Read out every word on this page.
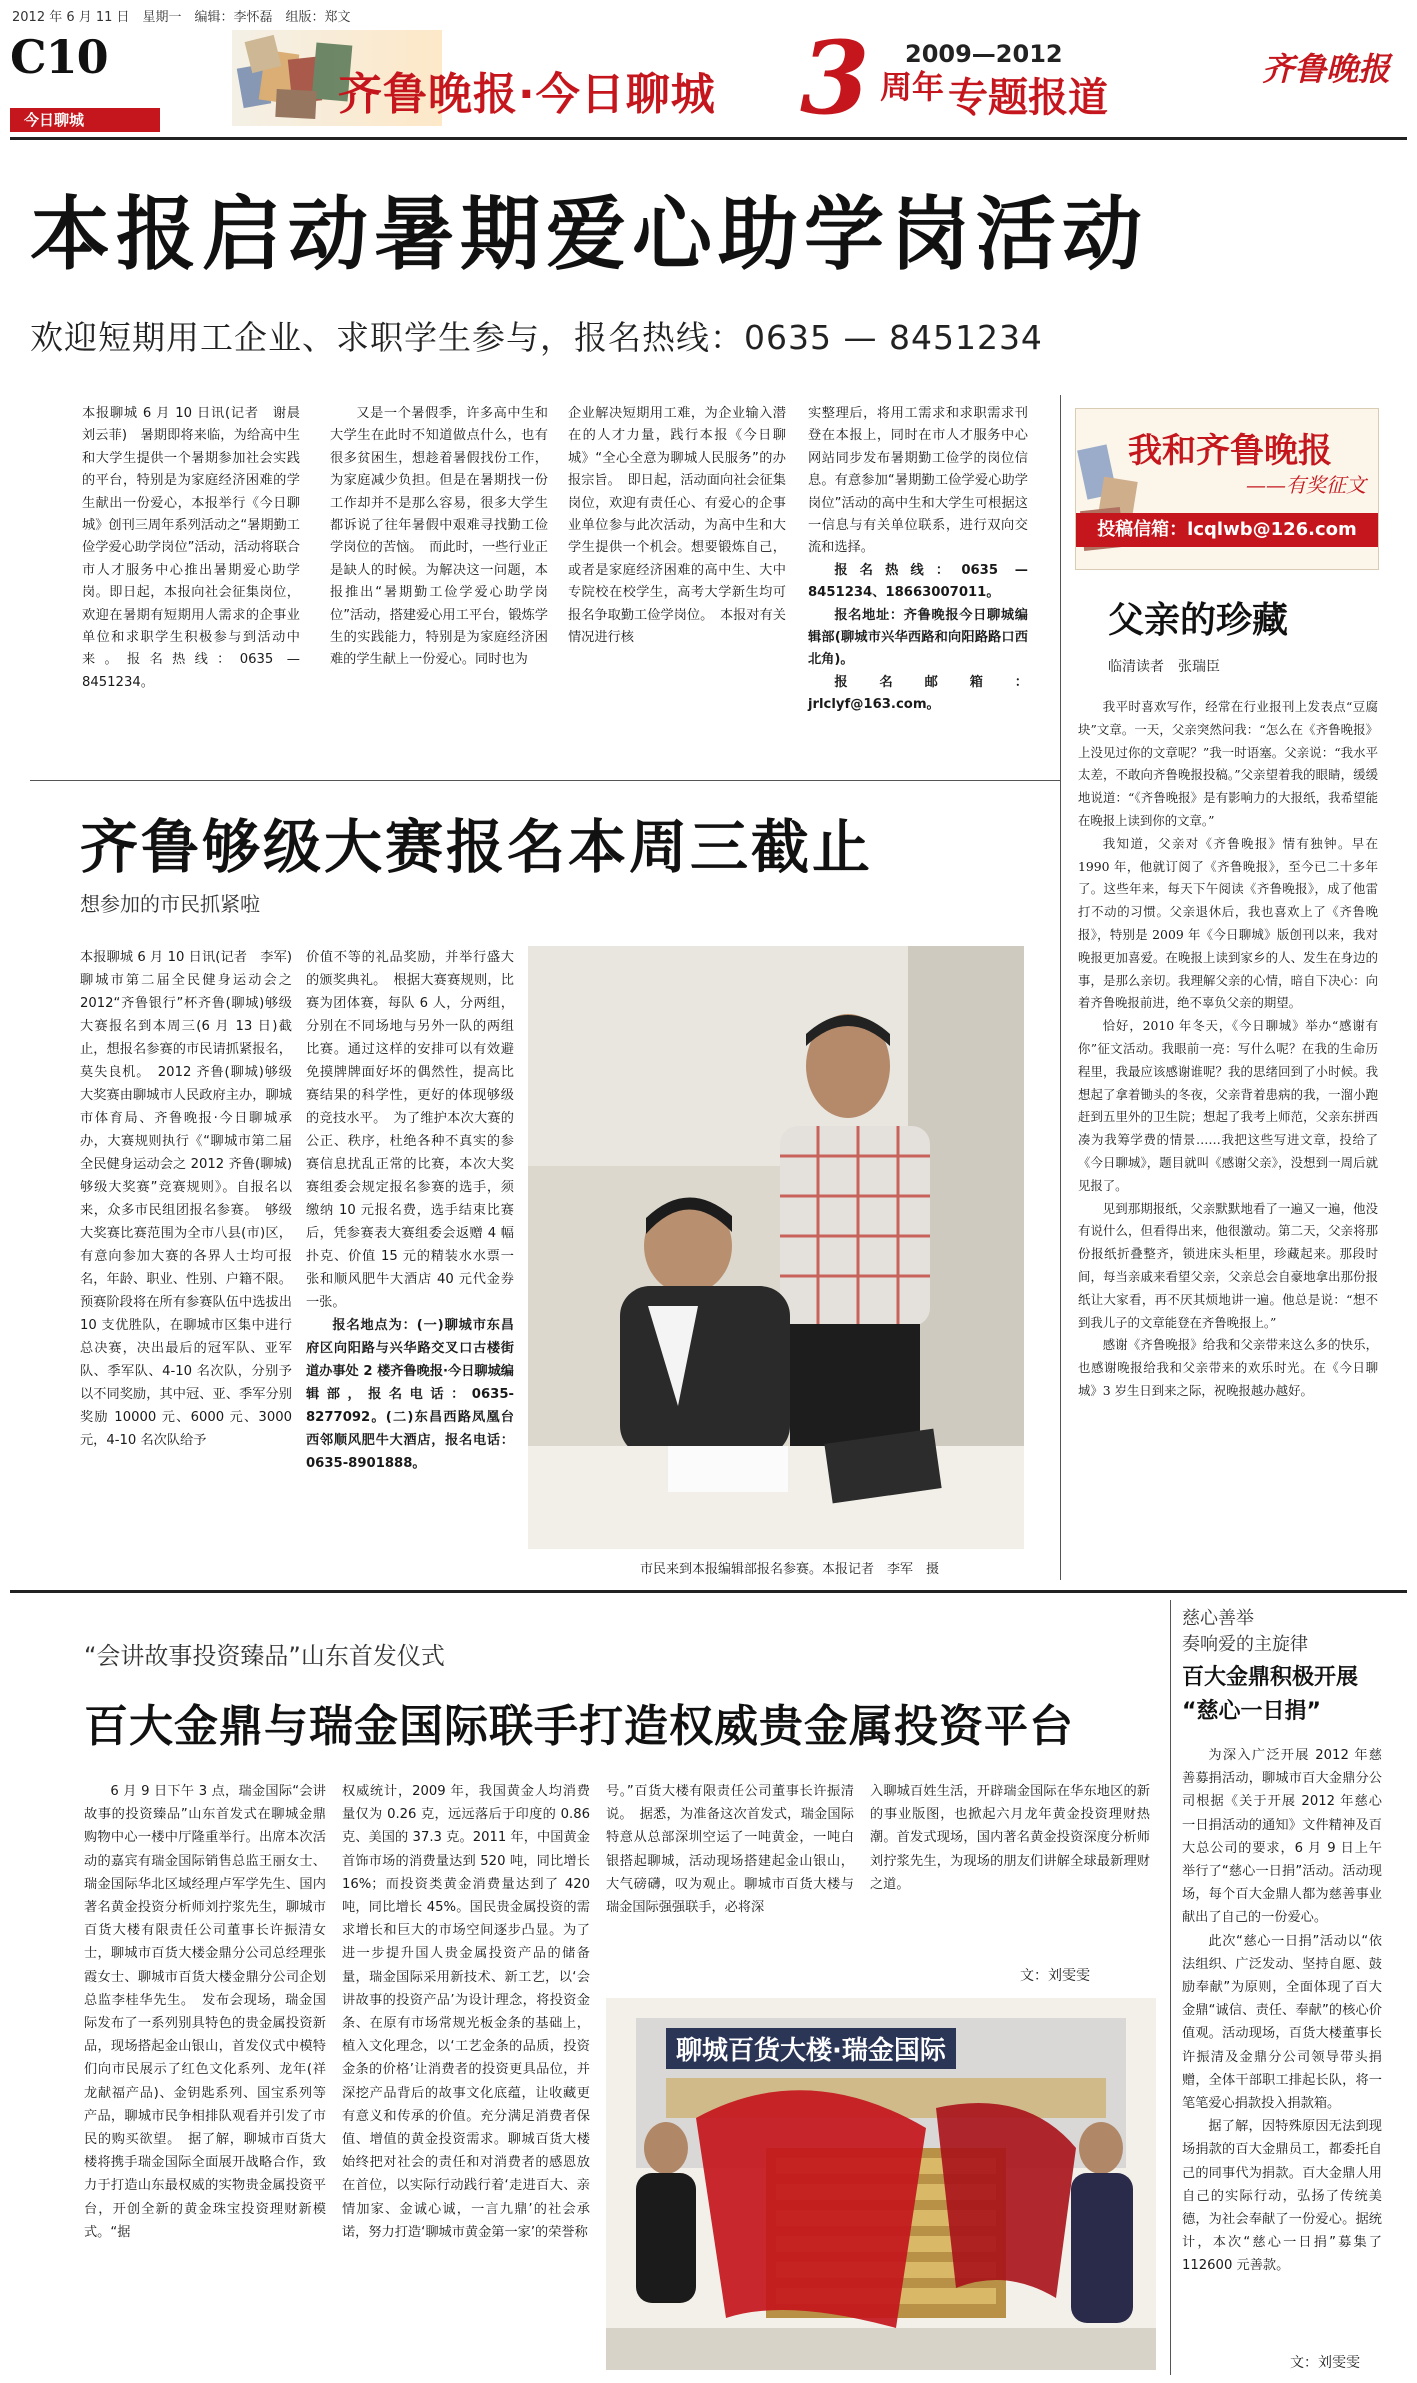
2012 年 6 月 11 日　星期一　编辑：李怀磊　组版：郑文
C10
今日聊城	齐鲁晚报·今日聊城 3 周年
2009—2012
专题报道
齐鲁晚报
本报启动暑期爱心助学岗活动
欢迎短期用工企业、求职学生参与，报名热线：0635 — 8451234

本报聊城 6 月 10 日讯(记者　谢晨　刘云菲)　暑期即将来临，为给高中生和大学生提供一个暑期参加社会实践的平台，特别是为家庭经济困难的学生献出一份爱心，本报举行《今日聊城》创刊三周年系列活动之“暑期勤工俭学爱心助学岗位”活动，活动将联合市人才服务中心推出暑期爱心助学岗。即日起，本报向社会征集岗位，欢迎在暑期有短期用人需求的企事业单位和求职学生积极参与到活动中来。报名热线：0635 — 8451234。

又是一个暑假季，许多高中生和大学生在此时不知道做点什么，也有很多贫困生，想趁着暑假找份工作，为家庭减少负担。但是在暑期找一份工作却并不是那么容易，很多大学生都诉说了往年暑假中艰难寻找勤工俭学岗位的苦恼。　而此时，一些行业正是缺人的时候。为解决这一问题，本报推出“暑期勤工俭学爱心助学岗位”活动，搭建爱心用工平台，锻炼学生的实践能力，特别是为家庭经济困难的学生献上一份爱心。同时也为

企业解决短期用工难，为企业输入潜在的人才力量，践行本报《今日聊城》“全心全意为聊城人民服务”的办报宗旨。　即日起，活动面向社会征集岗位，欢迎有责任心、有爱心的企事业单位参与此次活动，为高中生和大学生提供一个机会。想要锻炼自己，或者是家庭经济困难的高中生、大中专院校在校学生，高考大学新生均可报名争取勤工俭学岗位。　本报对有关情况进行核

实整理后，将用工需求和求职需求刊登在本报上，同时在市人才服务中心网站同步发布暑期勤工俭学的岗位信息。有意参加“暑期勤工俭学爱心助学岗位”活动的高中生和大学生可根据这一信息与有关单位联系，进行双向交流和选择。

报名热线：0635 — 8451234、18663007011。

报名地址：齐鲁晚报今日聊城编辑部(聊城市兴华西路和向阳路路口西北角)。

报名邮箱：jrlclyf@163.com。

我和齐鲁晚报
——有奖征文
投稿信箱：lcqlwb@126.com
父亲的珍藏
临清读者　张瑞臣

我平时喜欢写作，经常在行业报刊上发表点“豆腐块”文章。一天，父亲突然问我：“怎么在《齐鲁晚报》上没见过你的文章呢？”我一时语塞。父亲说：“我水平太差，不敢向齐鲁晚报投稿。”父亲望着我的眼睛，缓缓地说道：“《齐鲁晚报》是有影响力的大报纸，我希望能在晚报上读到你的文章。”

我知道，父亲对《齐鲁晚报》情有独钟。早在 1990 年，他就订阅了《齐鲁晚报》，至今已二十多年了。这些年来，每天下午阅读《齐鲁晚报》，成了他雷打不动的习惯。父亲退休后，我也喜欢上了《齐鲁晚报》，特别是 2009 年《今日聊城》版创刊以来，我对晚报更加喜爱。在晚报上读到家乡的人、发生在身边的事，是那么亲切。我理解父亲的心情，暗自下决心：向着齐鲁晚报前进，绝不辜负父亲的期望。

恰好，2010 年冬天，《今日聊城》举办“感谢有你”征文活动。我眼前一亮：写什么呢？在我的生命历程里，我最应该感谢谁呢？我的思绪回到了小时候。我想起了拿着锄头的冬夜，父亲背着患病的我，一溜小跑赶到五里外的卫生院；想起了我考上师范，父亲东拼西凑为我筹学费的情景……我把这些写进文章，投给了《今日聊城》，题目就叫《感谢父亲》，没想到一周后就见报了。

见到那期报纸，父亲默默地看了一遍又一遍，他没有说什么，但看得出来，他很激动。第二天，父亲将那份报纸折叠整齐，锁进床头柜里，珍藏起来。那段时间，每当亲戚来看望父亲，父亲总会自豪地拿出那份报纸让大家看，再不厌其烦地讲一遍。他总是说：“想不到我儿子的文章能登在齐鲁晚报上。”

感谢《齐鲁晚报》给我和父亲带来这么多的快乐，也感谢晚报给我和父亲带来的欢乐时光。在《今日聊城》3 岁生日到来之际，祝晚报越办越好。

齐鲁够级大赛报名本周三截止
想参加的市民抓紧啦

本报聊城 6 月 10 日讯(记者　李军)　聊城市第二届全民健身运动会之 2012“齐鲁银行”杯齐鲁(聊城)够级大赛报名到本周三(6 月 13 日)截止，想报名参赛的市民请抓紧报名，莫失良机。　2012 齐鲁(聊城)够级大奖赛由聊城市人民政府主办，聊城市体育局、齐鲁晚报·今日聊城承办，大赛规则执行《“聊城市第二届全民健身运动会之 2012 齐鲁(聊城)够级大奖赛”竞赛规则》。自报名以来，众多市民组团报名参赛。　够级大奖赛比赛范围为全市八县(市)区，有意向参加大赛的各界人士均可报名，年龄、职业、性别、户籍不限。预赛阶段将在所有参赛队伍中选拔出 10 支优胜队，在聊城市区集中进行总决赛，决出最后的冠军队、亚军队、季军队、4-10 名次队，分别予以不同奖励，其中冠、亚、季军分别奖励 10000 元、6000 元、3000 元，4-10 名次队给予

价值不等的礼品奖励，并举行盛大的颁奖典礼。　根据大赛赛规则，比赛为团体赛，每队 6 人，分两组，分别在不同场地与另外一队的两组比赛。通过这样的安排可以有效避免摸牌牌面好坏的偶然性，提高比赛结果的科学性，更好的体现够级的竞技水平。　为了维护本次大赛的公正、秩序，杜绝各种不真实的参赛信息扰乱正常的比赛，本次大奖赛组委会规定报名参赛的选手，须缴纳 10 元报名费，选手结束比赛后，凭参赛表大赛组委会返赠 4 幅扑克、价值 15 元的精装水水票一张和顺风肥牛大酒店 40 元代金券一张。

报名地点为：(一)聊城市东昌府区向阳路与兴华路交叉口古楼街道办事处 2 楼齐鲁晚报·今日聊城编辑部，报名电话：0635-8277092。(二)东昌西路凤凰台西邻顺风肥牛大酒店，报名电话：0635-8901888。

市民来到本报编辑部报名参赛。本报记者　李军　摄
“会讲故事投资臻品”山东首发仪式
百大金鼎与瑞金国际联手打造权威贵金属投资平台

6 月 9 日下午 3 点，瑞金国际“会讲故事的投资臻品”山东首发式在聊城金鼎购物中心一楼中厅隆重举行。出席本次活动的嘉宾有瑞金国际销售总监王丽女士、瑞金国际华北区域经理卢军学先生、国内著名黄金投资分析师刘拧浆先生，聊城市百货大楼有限责任公司董事长许振清女士，聊城市百货大楼金鼎分公司总经理张霞女士、聊城市百货大楼金鼎分公司企划总监李桂华先生。　发布会现场，瑞金国际发布了一系列别具特色的贵金属投资新品，现场搭起金山银山，首发仪式中模特们向市民展示了红色文化系列、龙年(祥龙献福产品)、金钥匙系列、国宝系列等产品，聊城市民争相排队观看并引发了市民的购买欲望。　据了解，聊城市百货大楼将携手瑞金国际全面展开战略合作，致力于打造山东最权威的实物贵金属投资平台，开创全新的黄金珠宝投资理财新模式。“据

权威统计，2009 年，我国黄金人均消费量仅为 0.26 克，远远落后于印度的 0.86 克、美国的 37.3 克。2011 年，中国黄金首饰市场的消费量达到 520 吨，同比增长 16%；而投资类黄金消费量达到了 420 吨，同比增长 45%。国民贵金属投资的需求增长和巨大的市场空间逐步凸显。为了进一步提升国人贵金属投资产品的储备量，瑞金国际采用新技术、新工艺，以‘会讲故事的投资产品’为设计理念，将投资金条、在原有市场常规光板金条的基础上，植入文化理念，以‘工艺金条的品质，投资金条的价格’让消费者的投资更具品位，并深挖产品背后的故事文化底蕴，让收藏更有意义和传承的价值。充分满足消费者保值、增值的黄金投资需求。聊城百货大楼始终把对社会的责任和对消费者的感恩放在首位，以实际行动践行着‘走进百大、亲情加家、金诚心诚，一言九鼎’的社会承诺，努力打造‘聊城市黄金第一家’的荣誉称

号。”百货大楼有限责任公司董事长许振清说。　据悉，为准备这次首发式，瑞金国际特意从总部深圳空运了一吨黄金，一吨白银搭起聊城，活动现场搭建起金山银山，大气磅礴，叹为观止。聊城市百货大楼与瑞金国际强强联手，必将深

入聊城百姓生活，开辟瑞金国际在华东地区的新的事业版图，也掀起六月龙年黄金投资理财热潮。首发式现场，国内著名黄金投资深度分析师刘拧浆先生，为现场的朋友们讲解全球最新理财之道。

文：刘雯雯
聊城百货大楼·瑞金国际
慈心善举
奏响爱的主旋律
百大金鼎积极开展
“慈心一日捐”

为深入广泛开展 2012 年慈善募捐活动，聊城市百大金鼎分公司根据《关于开展 2012 年慈心一日捐活动的通知》文件精神及百大总公司的要求，6 月 9 日上午举行了“慈心一日捐”活动。活动现场，每个百大金鼎人都为慈善事业献出了自己的一份爱心。

此次“慈心一日捐”活动以“依法组织、广泛发动、坚持自愿、鼓励奉献”为原则，全面体现了百大金鼎“诚信、责任、奉献”的核心价值观。活动现场，百货大楼董事长许振清及金鼎分公司领导带头捐赠，全体干部职工排起长队，将一笔笔爱心捐款投入捐款箱。

据了解，因特殊原因无法到现场捐款的百大金鼎员工，都委托自己的同事代为捐款。百大金鼎人用自己的实际行动，弘扬了传统美德，为社会奉献了一份爱心。据统计，本次“慈心一日捐”募集了 112600 元善款。

文：刘雯雯
